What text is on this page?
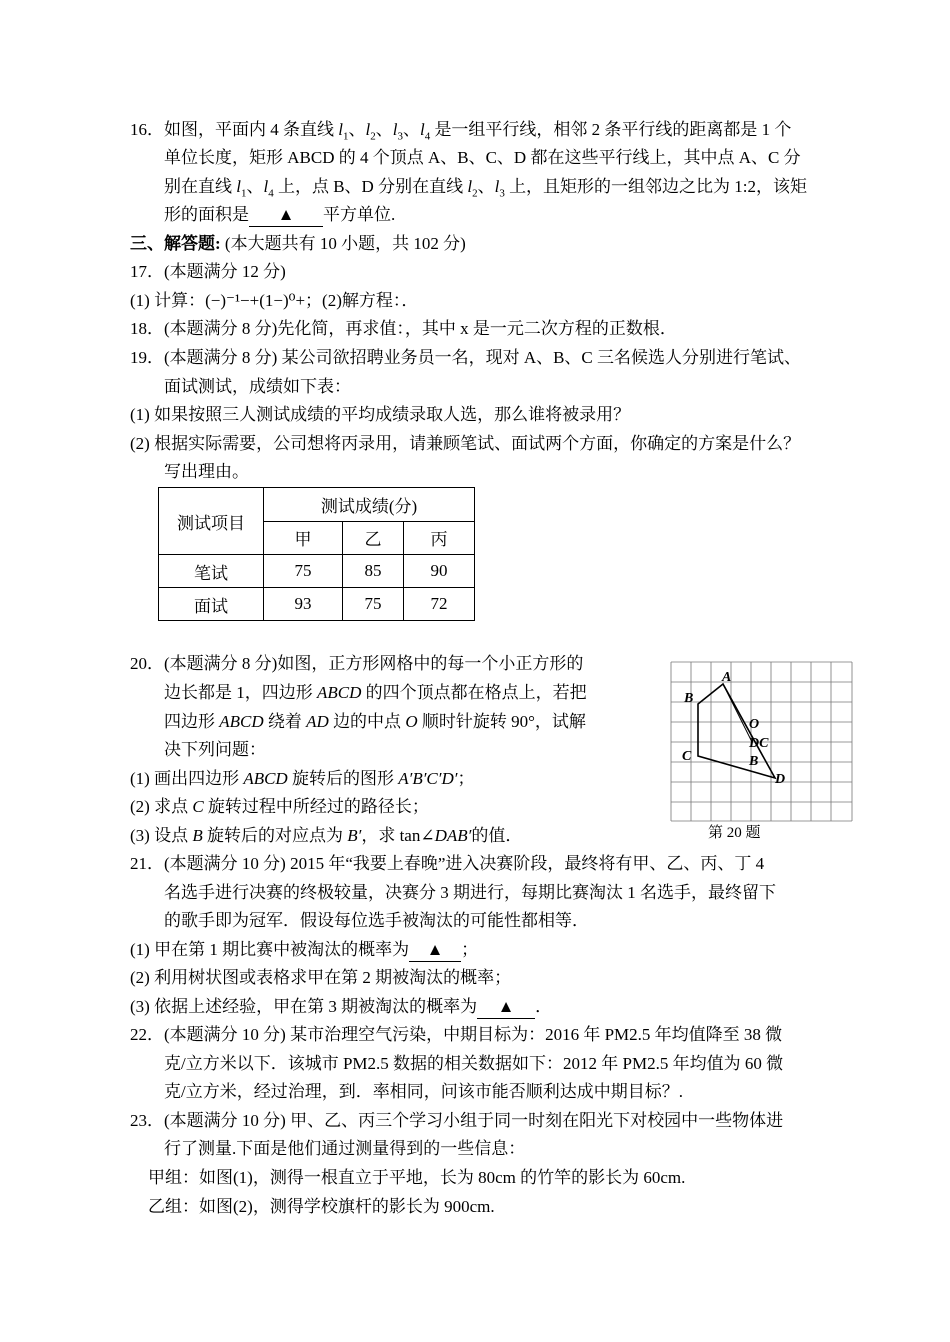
16．如图，平面内 4 条直线 $l_1$、$l_2$、$l_3$、$l_4$ 是一组平行线，相邻 2 条平行线的距离都是 1 个
单位长度，矩形 ABCD 的 4 个顶点 A、B、C、D 都在这些平行线上，其中点 A、C 分
别在直线 $l_1$、$l_4$ 上，点 B、D 分别在直线 $l_2$、$l_3$ 上，且矩形的一组邻边之比为 1:2，该矩
形的面积是 ▲ 平方单位.
三、解答题: (本大题共有 10 小题，共 102 分)
17．(本题满分 12 分)
(1) 计算：(−)⁻¹−+(1−)⁰+；(2)解方程：．
18．(本题满分 8 分)先化简，再求值：，其中 x 是一元二次方程的正数根．
19．(本题满分 8 分) 某公司欲招聘业务员一名，现对 A、B、C 三名候选人分别进行笔试、
面试测试，成绩如下表：
(1) 如果按照三人测试成绩的平均成绩录取人选，那么谁将被录用？
(2) 根据实际需要，公司想将丙录用，请兼顾笔试、面试两个方面，你确定的方案是什么？
写出理由。
测试项目	测试成绩(分)		
	甲	乙	丙
笔试	75	85	90
面试	93	75	72
20．(本题满分 8 分)如图，正方形网格中的每一个小正方形的
边长都是 1，四边形 ABCD 的四个顶点都在格点上，若把
四边形 ABCD 绕着 AD 边的中点 O 顺时针旋转 90°，试解
决下列问题：
(1) 画出四边形 ABCD 旋转后的图形 A′B′C′D′；
(2) 求点 C 旋转过程中所经过的路径长；
(3) 设点 B 旋转后的对应点为 B′，求 tan∠DAB′的值．
A
B
O
DC
C	B
D
第 20 题
21．(本题满分 10 分) 2015 年“我要上春晚”进入决赛阶段，最终将有甲、乙、丙、丁 4
名选手进行决赛的终极较量，决赛分 3 期进行，每期比赛淘汰 1 名选手，最终留下
的歌手即为冠军．假设每位选手被淘汰的可能性都相等．
(1) 甲在第 1 期比赛中被淘汰的概率为 ▲ ；
(2) 利用树状图或表格求甲在第 2 期被淘汰的概率；
(3) 依据上述经验，甲在第 3 期被淘汰的概率为 ▲ ．
22．(本题满分 10 分) 某市治理空气污染，中期目标为：2016 年 PM2.5 年均值降至 38 微
克/立方米以下．该城市 PM2.5 数据的相关数据如下：2012 年 PM2.5 年均值为 60 微
克/立方米，经过治理，到．率相同，问该市能否顺利达成中期目标？.
23．(本题满分 10 分) 甲、乙、丙三个学习小组于同一时刻在阳光下对校园中一些物体进
行了测量.下面是他们通过测量得到的一些信息：
甲组：如图(1)，测得一根直立于平地，长为 80cm 的竹竿的影长为 60cm.
乙组：如图(2)，测得学校旗杆的影长为 900cm.
